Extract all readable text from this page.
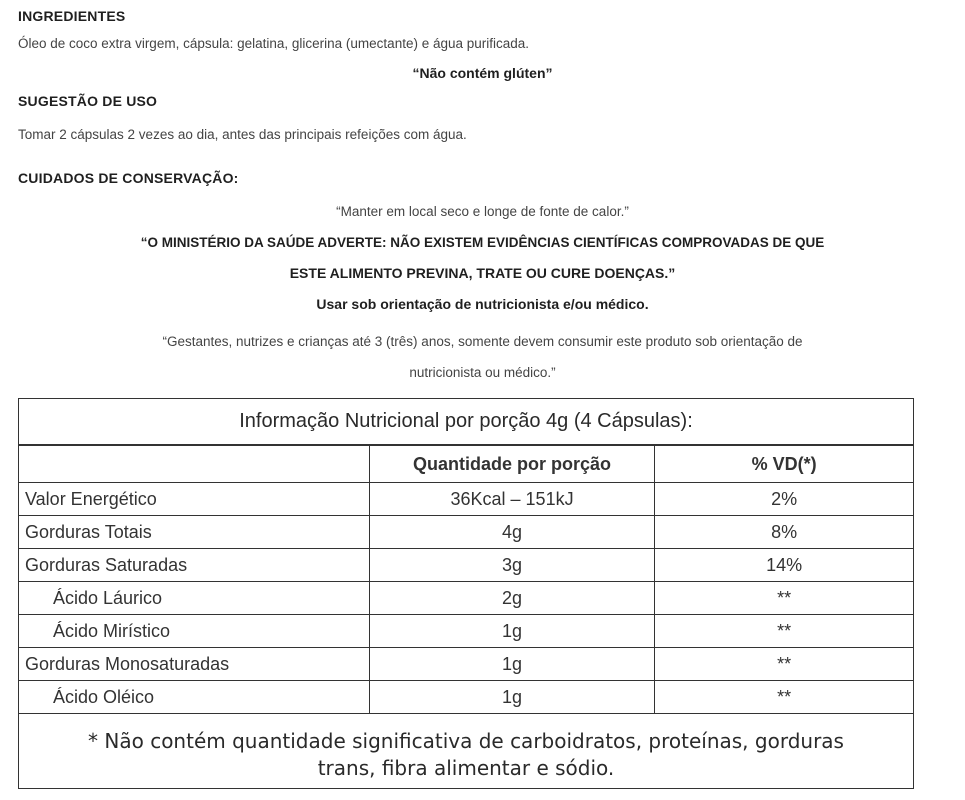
INGREDIENTES
Óleo de coco extra virgem, cápsula: gelatina, glicerina (umectante) e água purificada.
“Não contém glúten”
SUGESTÃO DE USO
Tomar 2 cápsulas 2 vezes ao dia, antes das principais refeições com água.
CUIDADOS DE CONSERVAÇÃO:
“Manter em local seco e longe de fonte de calor.”
“O MINISTÉRIO DA SAÚDE ADVERTE: NÃO EXISTEM EVIDÊNCIAS CIENTÍFICAS COMPROVADAS DE QUE
ESTE ALIMENTO PREVINA, TRATE OU CURE DOENÇAS.”
Usar sob orientação de nutricionista e/ou médico.
“Gestantes, nutrizes e crianças até 3 (três) anos, somente devem consumir este produto sob orientação de
nutricionista ou médico.”
Informação Nutricional por porção 4g (4 Cápsulas):
	Quantidade por porção	% VD(*)
Valor Energético	36Kcal – 151kJ	2%
Gorduras Totais	4g	8%
Gorduras Saturadas	3g	14%
Ácido Láurico	2g	**
Ácido Mirístico	1g	**
Gorduras Monosaturadas	1g	**
Ácido Oléico	1g	**
* Não contém quantidade significativa de carboidratos, proteínas, gorduras
trans, fibra alimentar e sódio.
